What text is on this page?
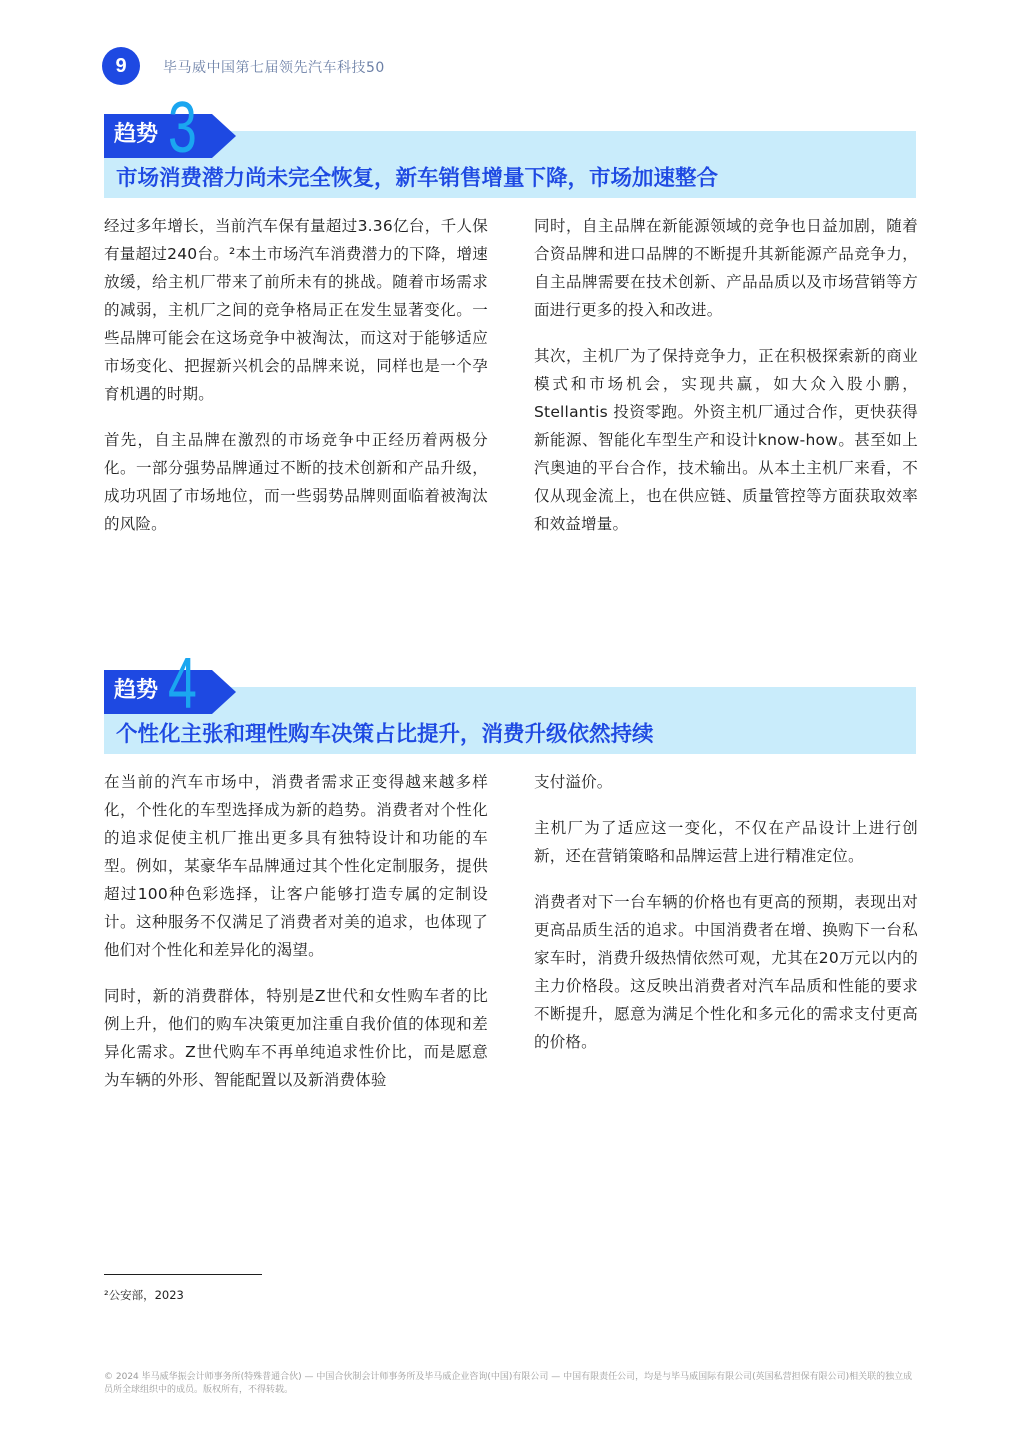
9	毕马威中国第七届领先汽车科技50
趋势 3
市场消费潜力尚未完全恢复，新车销售增量下降，市场加速整合

经过多年增长，当前汽车保有量超过3.36亿台，千人保有量超过240台。²本土市场汽车消费潜力的下降，增速放缓，给主机厂带来了前所未有的挑战。随着市场需求的减弱，主机厂之间的竞争格局正在发生显著变化。一些品牌可能会在这场竞争中被淘汰，而这对于能够适应市场变化、把握新兴机会的品牌来说，同样也是一个孕育机遇的时期。

首先，自主品牌在激烈的市场竞争中正经历着两极分化。一部分强势品牌通过不断的技术创新和产品升级，成功巩固了市场地位，而一些弱势品牌则面临着被淘汰的风险。

同时，自主品牌在新能源领域的竞争也日益加剧，随着合资品牌和进口品牌的不断提升其新能源产品竞争力，自主品牌需要在技术创新、产品品质以及市场营销等方面进行更多的投入和改进。

其次，主机厂为了保持竞争力，正在积极探索新的商业模式和市场机会，实现共赢，如大众入股小鹏，Stellantis 投资零跑。外资主机厂通过合作，更快获得新能源、智能化车型生产和设计know-how。甚至如上汽奥迪的平台合作，技术输出。从本土主机厂来看，不仅从现金流上，也在供应链、质量管控等方面获取效率和效益增量。

趋势 4
个性化主张和理性购车决策占比提升，消费升级依然持续

在当前的汽车市场中，消费者需求正变得越来越多样化，个性化的车型选择成为新的趋势。消费者对个性化的追求促使主机厂推出更多具有独特设计和功能的车型。例如，某豪华车品牌通过其个性化定制服务，提供超过100种色彩选择，让客户能够打造专属的定制设计。这种服务不仅满足了消费者对美的追求，也体现了他们对个性化和差异化的渴望。

同时，新的消费群体，特别是Z世代和女性购车者的比例上升，他们的购车决策更加注重自我价值的体现和差异化需求。Z世代购车不再单纯追求性价比，而是愿意为车辆的外形、智能配置以及新消费体验

支付溢价。

主机厂为了适应这一变化，不仅在产品设计上进行创新，还在营销策略和品牌运营上进行精准定位。

消费者对下一台车辆的价格也有更高的预期，表现出对更高品质生活的追求。中国消费者在增、换购下一台私家车时，消费升级热情依然可观，尤其在20万元以内的主力价格段。这反映出消费者对汽车品质和性能的要求不断提升，愿意为满足个性化和多元化的需求支付更高的价格。

²公安部，2023
© 2024 毕马威华振会计师事务所(特殊普通合伙) — 中国合伙制会计师事务所及毕马威企业咨询(中国)有限公司 — 中国有限责任公司，均是与毕马威国际有限公司(英国私营担保有限公司)相关联的独立成员所全球组织中的成员。版权所有，不得转载。
